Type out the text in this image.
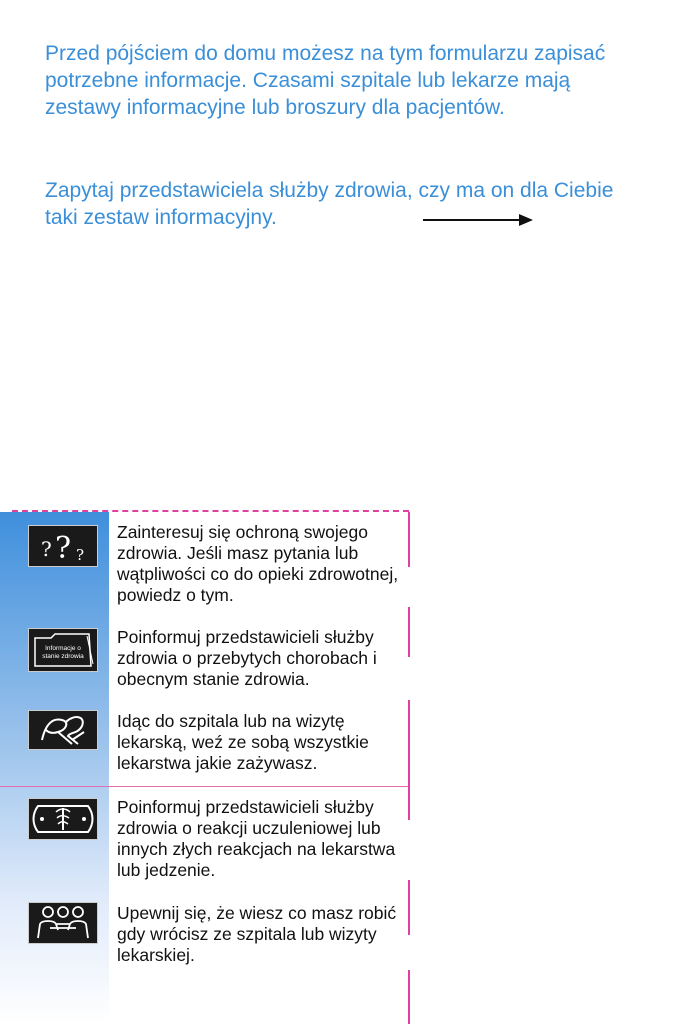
Przed pójściem do domu możesz na tym formularzu zapisać potrzebne informacje. Czasami szpitale lub lekarze mają zestawy informacyjne lub broszury dla pacjentów.

Zapytaj przedstawiciela służby zdrowia, czy ma on dla Ciebie taki zestaw informacyjny.

? ? ?

Zainteresuj się ochroną swojego zdrowia. Jeśli masz pytania lub wątpliwości co do opieki zdrowotnej, powiedz o tym.

Informacje o stanie zdrowia

Poinformuj przedstawicieli służby zdrowia o przebytych chorobach i obecnym stanie zdrowia.

Idąc do szpitala lub na wizytę lekarską, weź ze sobą wszystkie lekarstwa jakie zażywasz.

Poinformuj przedstawicieli służby zdrowia o reakcji uczuleniowej lub innych złych reakcjach na lekarstwa lub jedzenie.

Upewnij się, że wiesz co masz robić gdy wrócisz ze szpitala lub wizyty lekarskiej.
